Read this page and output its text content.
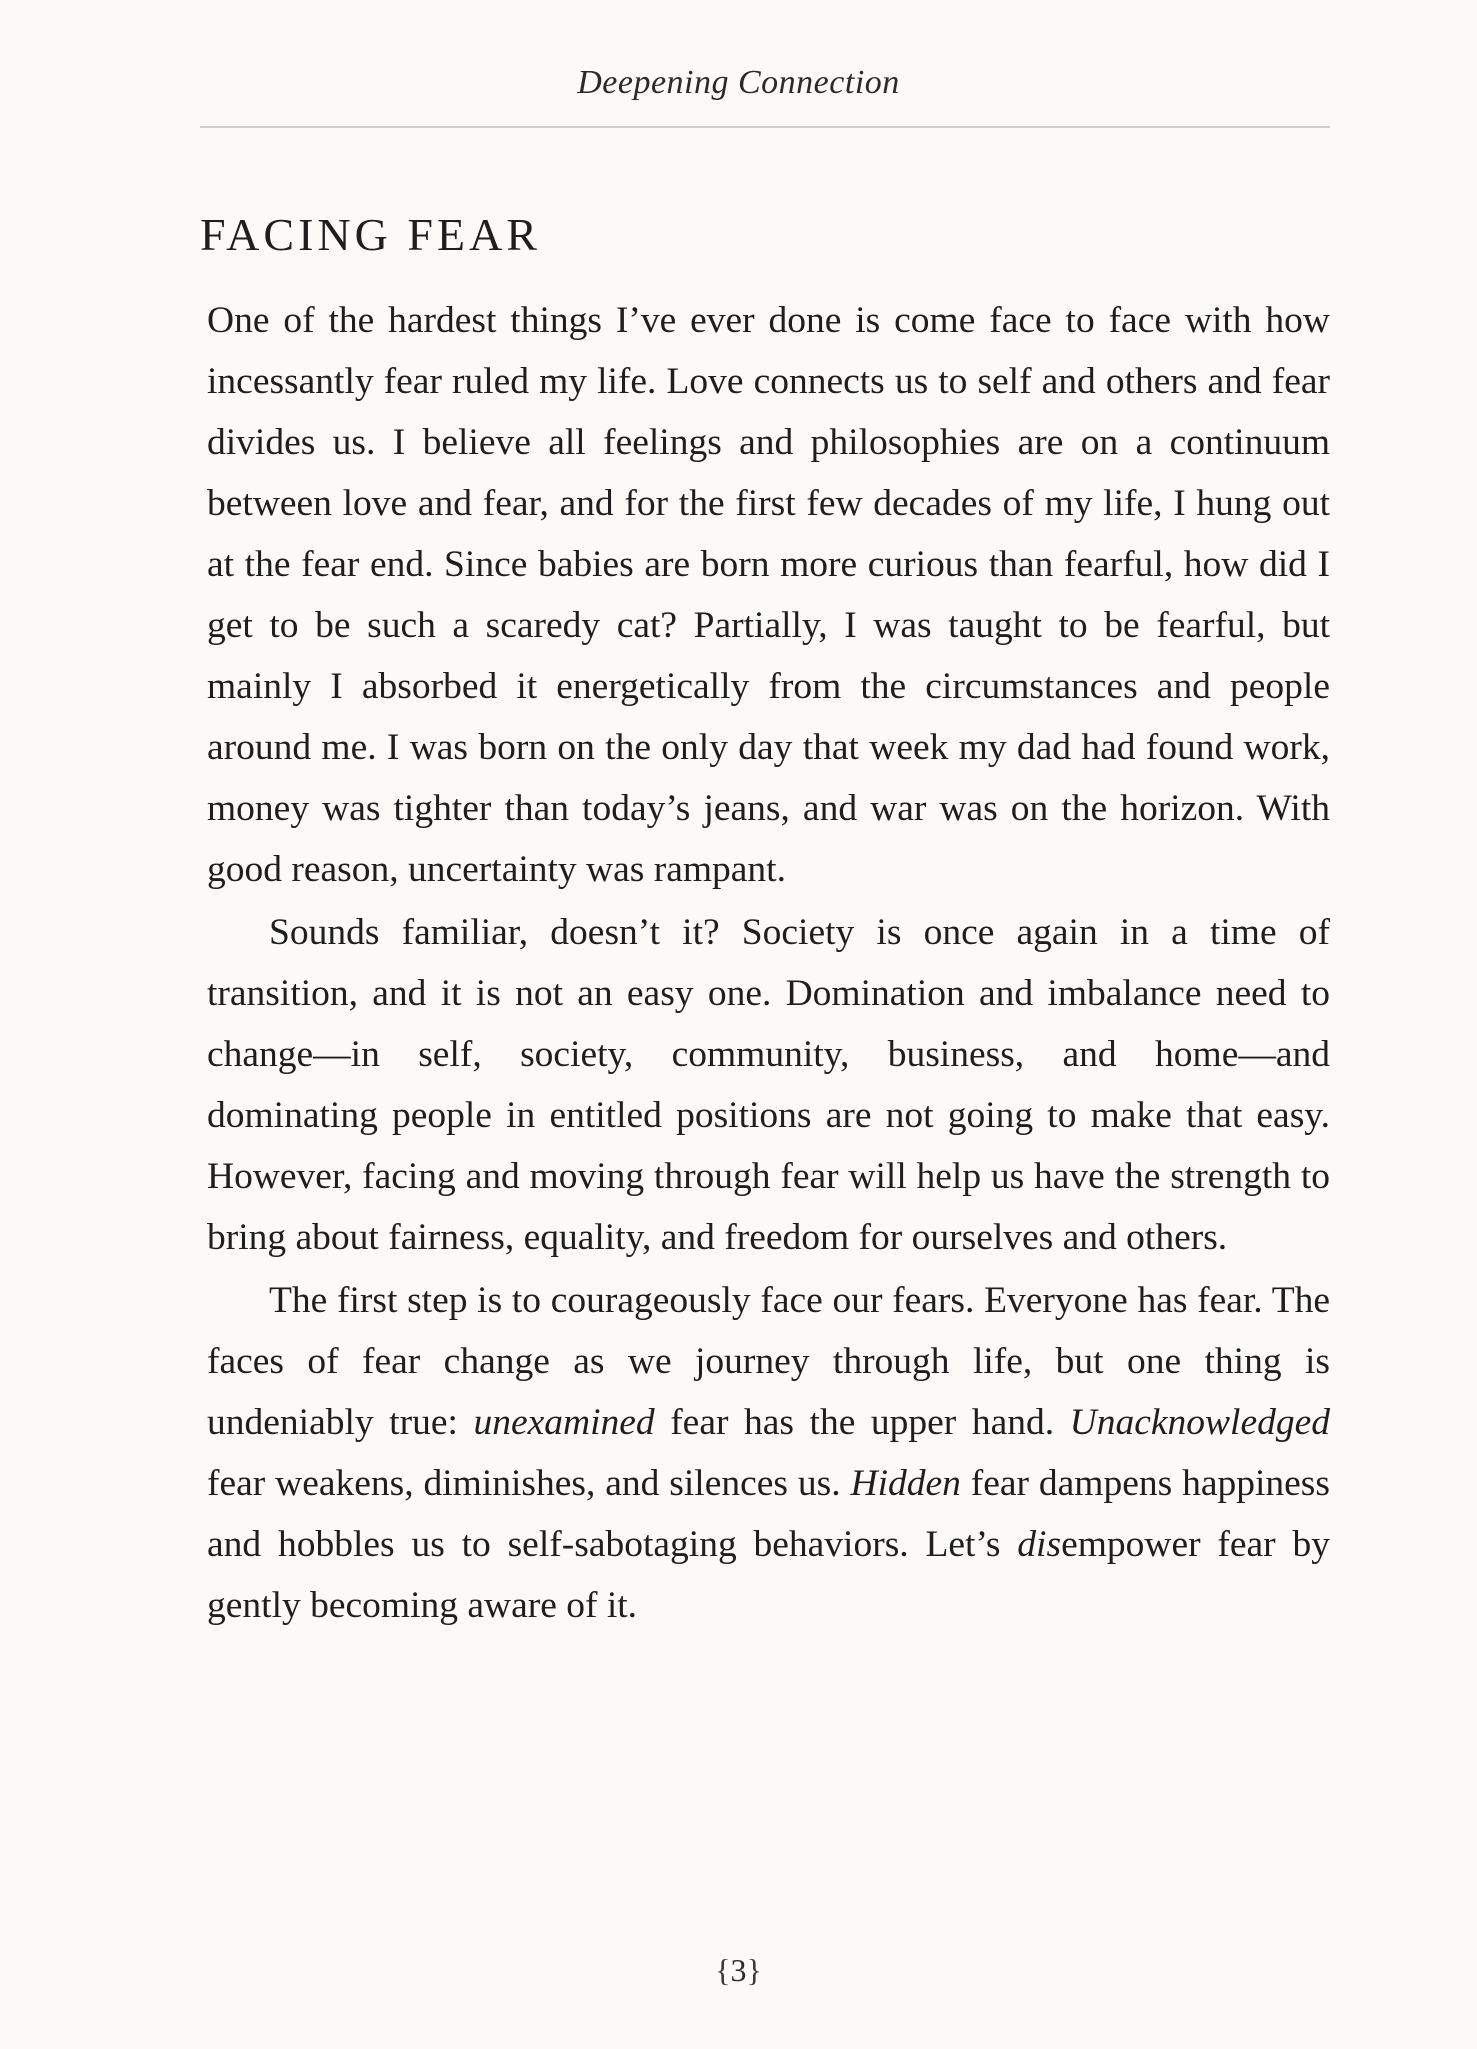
Deepening Connection
FACING FEAR

One of the hardest things I’ve ever done is come face to face with how incessantly fear ruled my life. Love connects us to self and others and fear divides us. I believe all feelings and philosophies are on a continuum between love and fear, and for the first few decades of my life, I hung out at the fear end. Since babies are born more curious than fearful, how did I get to be such a scaredy cat? Partially, I was taught to be fearful, but mainly I absorbed it energetically from the circumstances and people around me. I was born on the only day that week my dad had found work, money was tighter than today’s jeans, and war was on the horizon. With good reason, uncertainty was rampant.

Sounds familiar, doesn’t it? Society is once again in a time of transition, and it is not an easy one. Domination and imbalance need to change—in self, society, community, business, and home—and dominating people in entitled positions are not going to make that easy. However, facing and moving through fear will help us have the strength to bring about fairness, equality, and freedom for ourselves and others.

The first step is to courageously face our fears. Everyone has fear. The faces of fear change as we journey through life, but one thing is undeniably true: unexamined fear has the upper hand. Unacknowledged fear weakens, diminishes, and silences us. Hidden fear dampens happiness and hobbles us to self-sabotaging behaviors. Let’s disempower fear by gently becoming aware of it.

{3}
